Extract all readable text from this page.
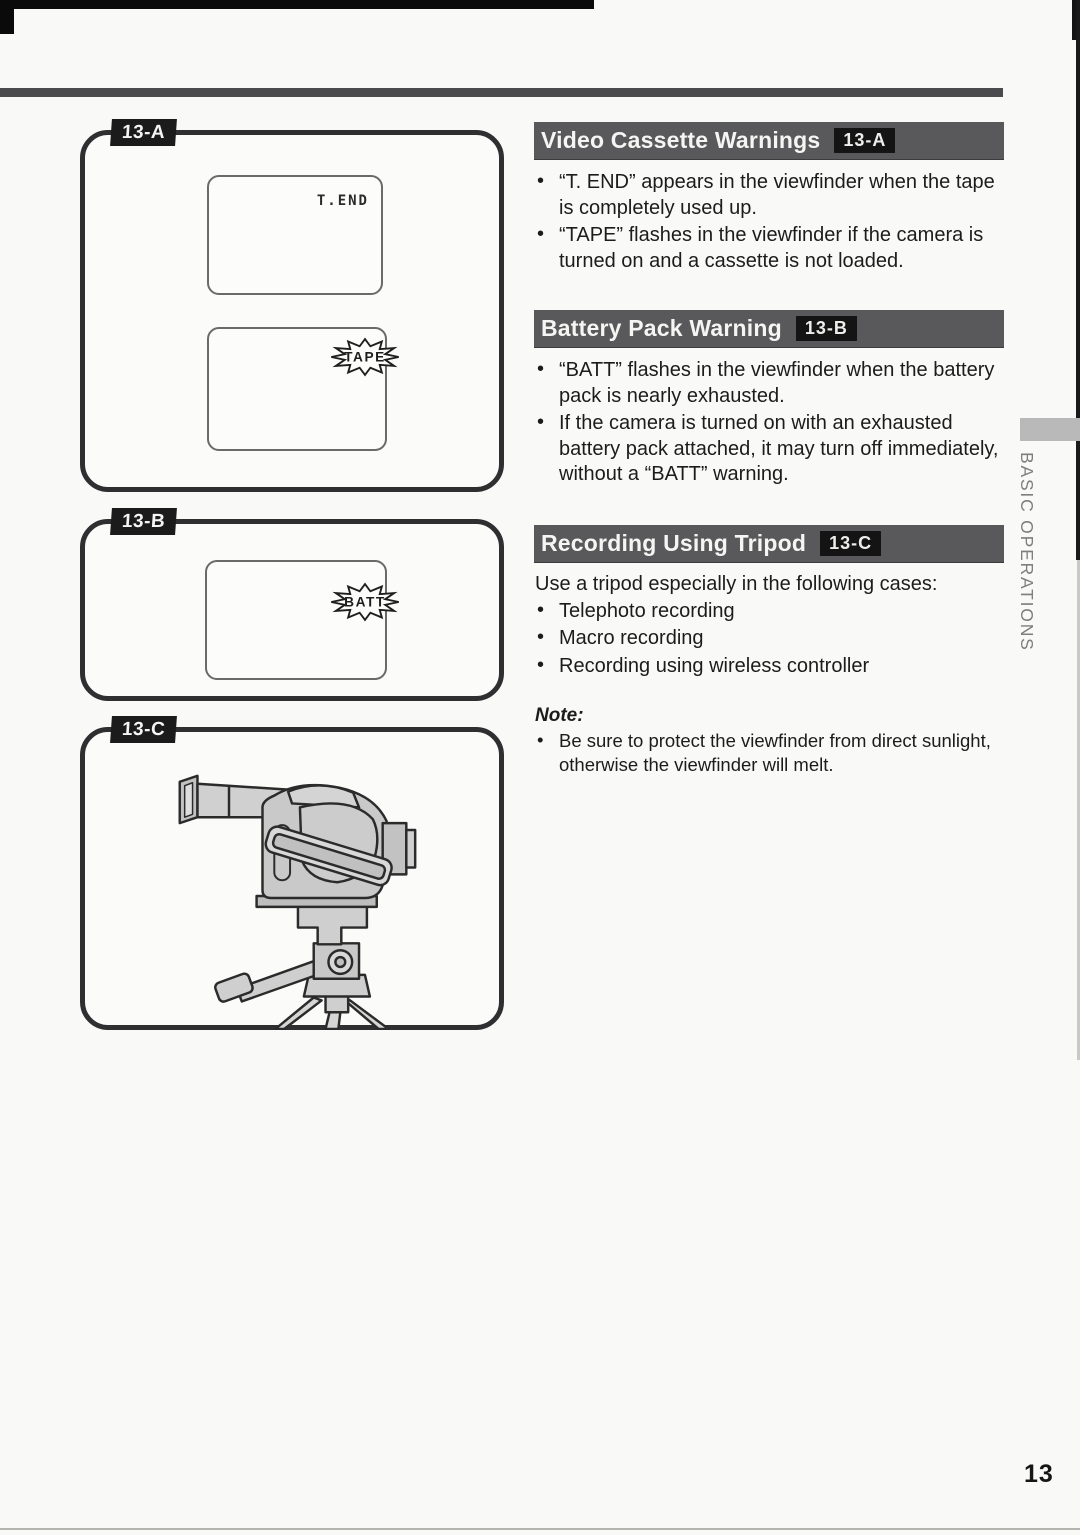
13-A
T.END
TAPE
13-B
BATT
13-C
Video Cassette Warnings	13-A
• “T. END” appears in the viewfinder when the tape is completely used up.
• “TAPE” flashes in the viewfinder if the camera is turned on and a cassette is not loaded.
Battery Pack Warning	13-B
• “BATT” flashes in the viewfinder when the battery pack is nearly exhausted.
• If the camera is turned on with an exhausted battery pack attached, it may turn off immediately, without a “BATT” warning.
Recording Using Tripod	13-C
Use a tripod especially in the following cases:
• Telephoto recording
• Macro recording
• Recording using wireless controller
Note:
• Be sure to protect the viewfinder from direct sunlight, otherwise the viewfinder will melt.
BASIC OPERATIONS
13
